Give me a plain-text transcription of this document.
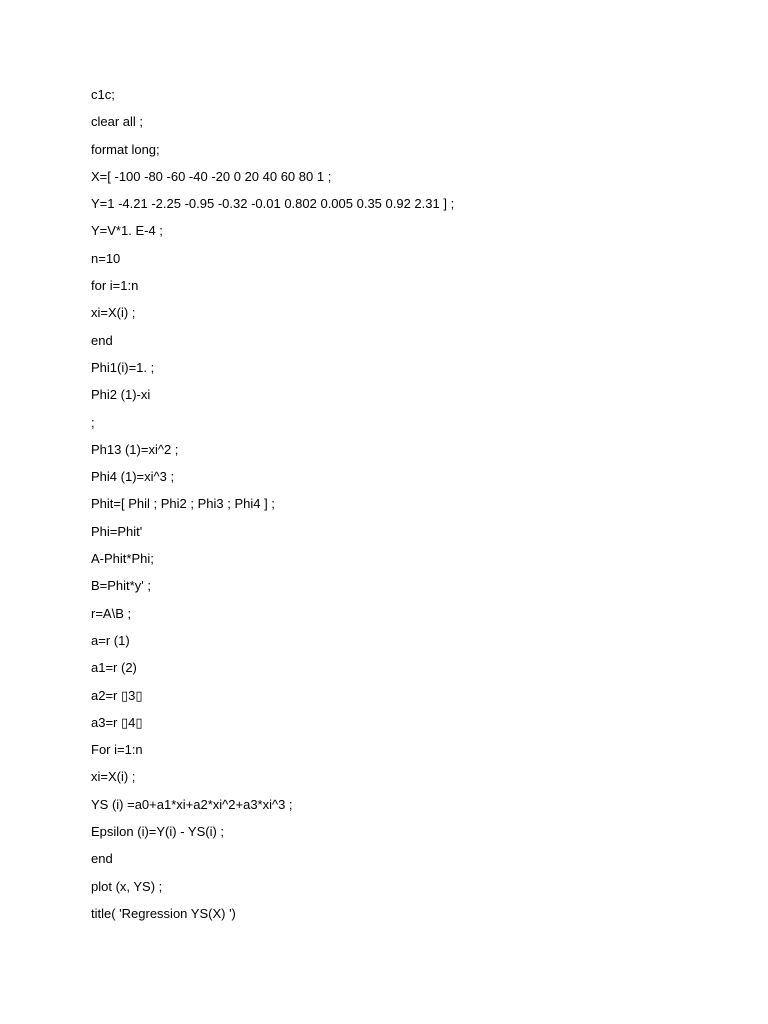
c1c;
clear all ;
format long;
X=[ -100 -80 -60 -40 -20 0 20 40 60 80 1 ;
Y=1 -4.21 -2.25 -0.95 -0.32 -0.01 0.802 0.005 0.35 0.92 2.31 ] ;
Y=V*1. E-4 ;
n=10
for i=1:n
xi=X(i) ;
end
Phi1(i)=1. ;
Phi2 (1)-xi
;
Ph13 (1)=xi^2 ;
Phi4 (1)=xi^3 ;
Phit=[ Phil ; Phi2 ; Phi3 ; Phi4 ] ;
Phi=Phit'
A-Phit*Phi;
B=Phit*y' ;
r=A\B ;
a=r (1)
a1=r (2)
a2=r ▯3▯
a3=r ▯4▯
For i=1:n
xi=X(i) ;
YS (i) =a0+a1*xi+a2*xi^2+a3*xi^3 ;
Epsilon (i)=Y(i) - YS(i) ;
end
plot (x, YS) ;
title( 'Regression YS(X) ')
